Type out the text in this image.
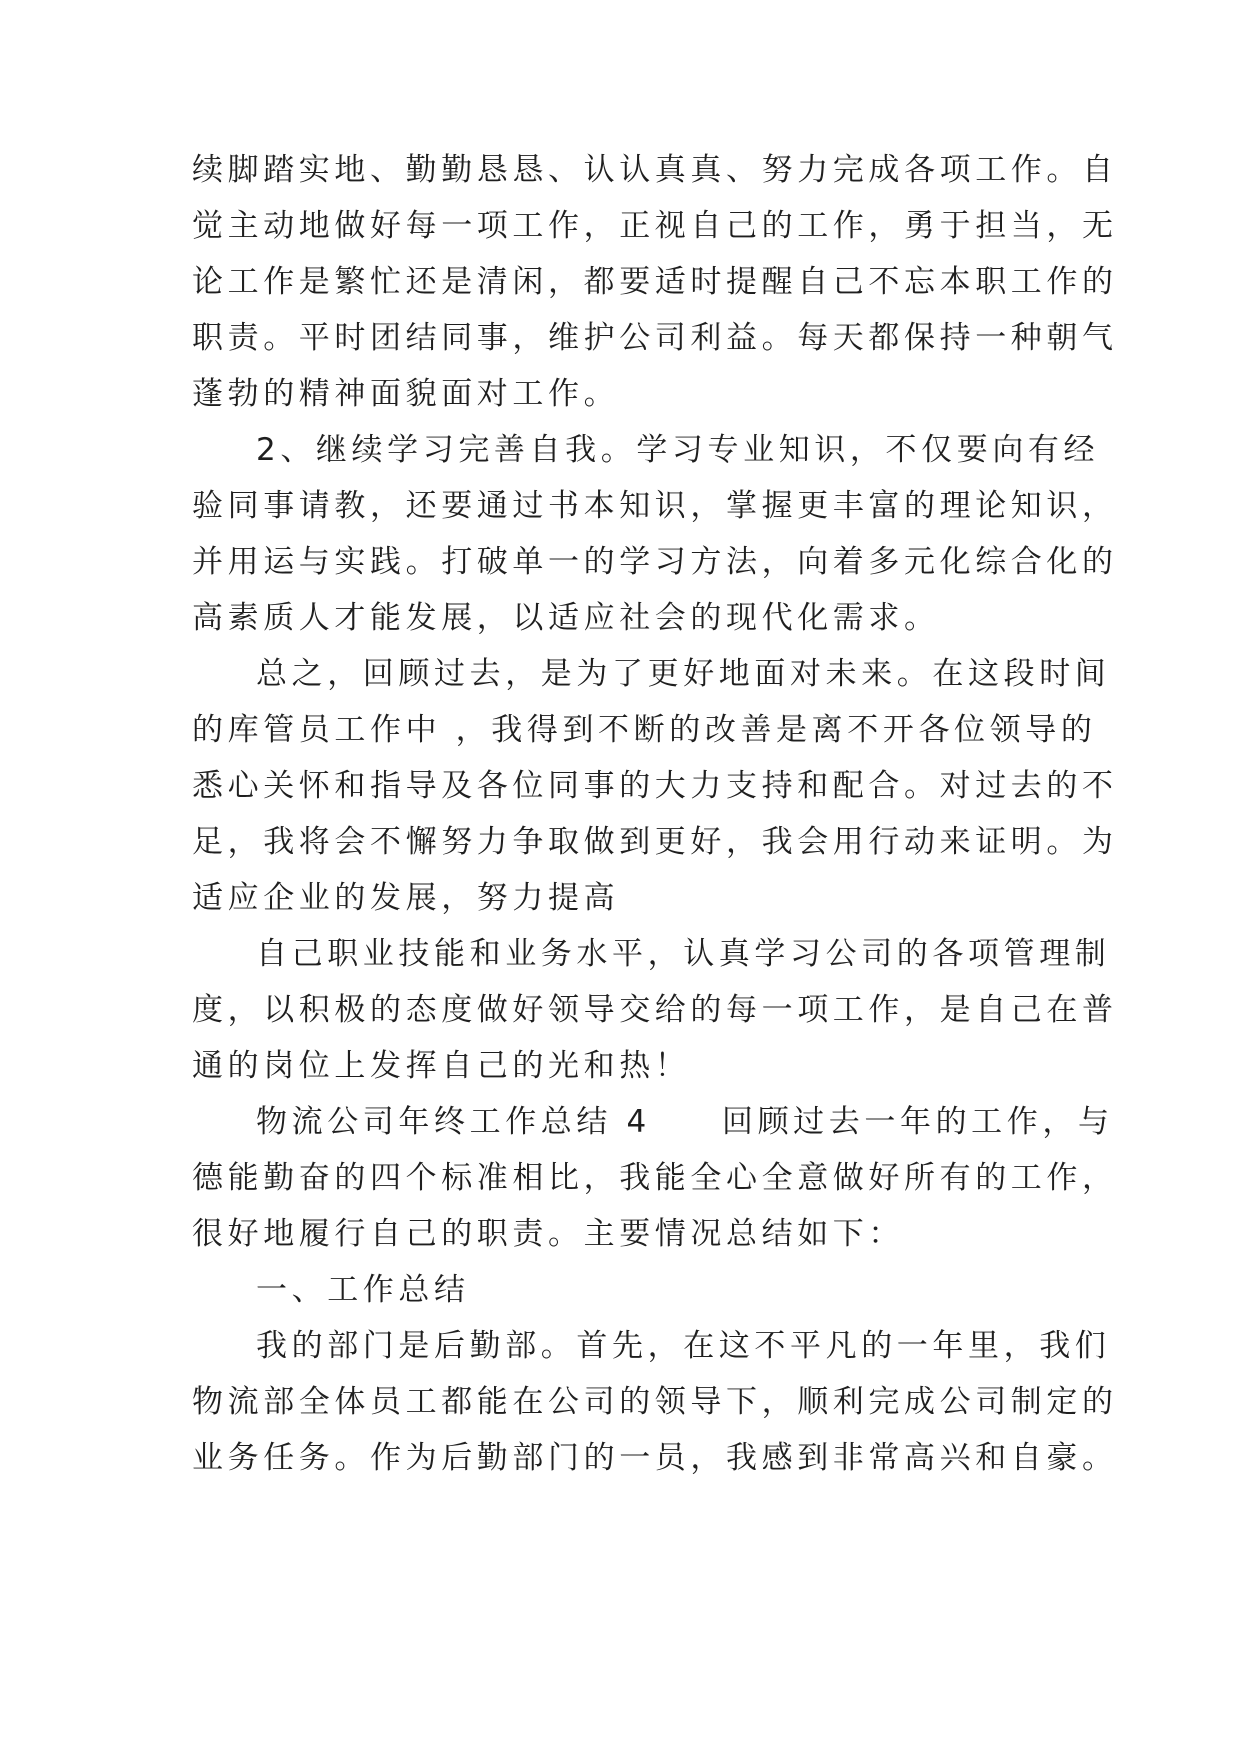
续脚踏实地、勤勤恳恳、认认真真、努力完成各项工作。自
觉主动地做好每一项工作，正视自己的工作，勇于担当，无
论工作是繁忙还是清闲，都要适时提醒自己不忘本职工作的
职责。平时团结同事，维护公司利益。每天都保持一种朝气
蓬勃的精神面貌面对工作。
2、继续学习完善自我。学习专业知识，不仅要向有经
验同事请教，还要通过书本知识，掌握更丰富的理论知识，
并用运与实践。打破单一的学习方法，向着多元化综合化的
高素质人才能发展，以适应社会的现代化需求。
总之，回顾过去，是为了更好地面对未来。在这段时间
的库管员工作中 ，我得到不断的改善是离不开各位领导的
悉心关怀和指导及各位同事的大力支持和配合。对过去的不
足，我将会不懈努力争取做到更好，我会用行动来证明。为
适应企业的发展，努力提高
自己职业技能和业务水平，认真学习公司的各项管理制
度，以积极的态度做好领导交给的每一项工作，是自己在普
通的岗位上发挥自己的光和热！
物流公司年终工作总结 4　　回顾过去一年的工作，与
德能勤奋的四个标准相比，我能全心全意做好所有的工作，
很好地履行自己的职责。主要情况总结如下：
一、工作总结
我的部门是后勤部。首先，在这不平凡的一年里，我们
物流部全体员工都能在公司的领导下，顺利完成公司制定的
业务任务。作为后勤部门的一员，我感到非常高兴和自豪。
